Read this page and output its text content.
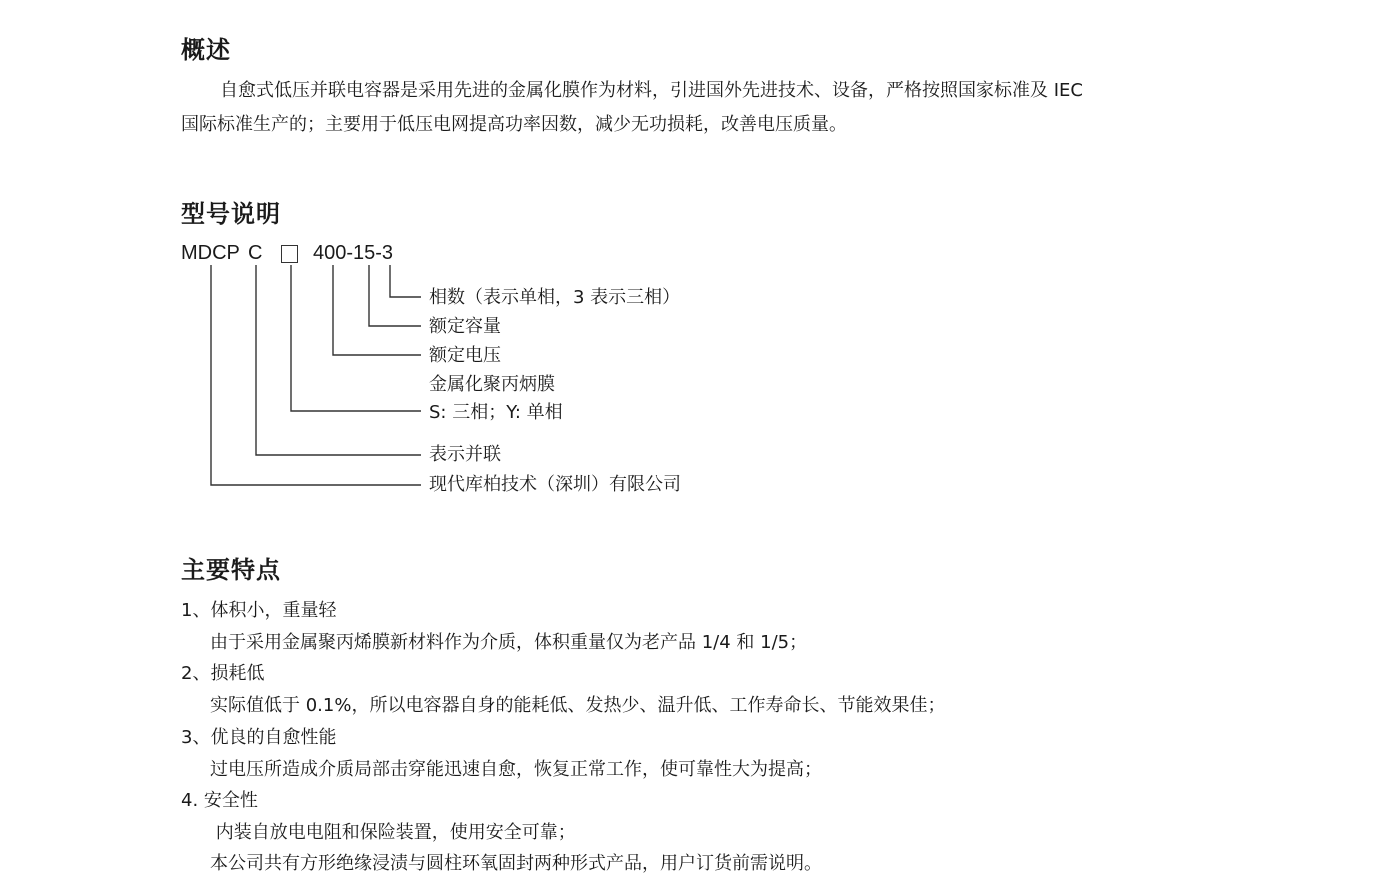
概述
自愈式低压并联电容器是采用先进的金属化膜作为材料，引进国外先进技术、设备，严格按照国家标准及 IEC
国际标准生产的；主要用于低压电网提高功率因数，减少无功损耗，改善电压质量。
型号说明
MDCP C	400-15-3
相数（表示单相，3 表示三相）
额定容量
额定电压
金属化聚丙炳膜
S: 三相；Y: 单相
表示并联
现代库柏技术（深圳）有限公司
主要特点
1、体积小，重量轻
由于采用金属聚丙烯膜新材料作为介质，体积重量仅为老产品 1/4 和 1/5；
2、损耗低
实际值低于 0.1%，所以电容器自身的能耗低、发热少、温升低、工作寿命长、节能效果佳；
3、优良的自愈性能
过电压所造成介质局部击穿能迅速自愈，恢复正常工作，使可靠性大为提高；
4. 安全性
内装自放电电阻和保险装置，使用安全可靠；
本公司共有方形绝缘浸渍与圆柱环氧固封两种形式产品，用户订货前需说明。
